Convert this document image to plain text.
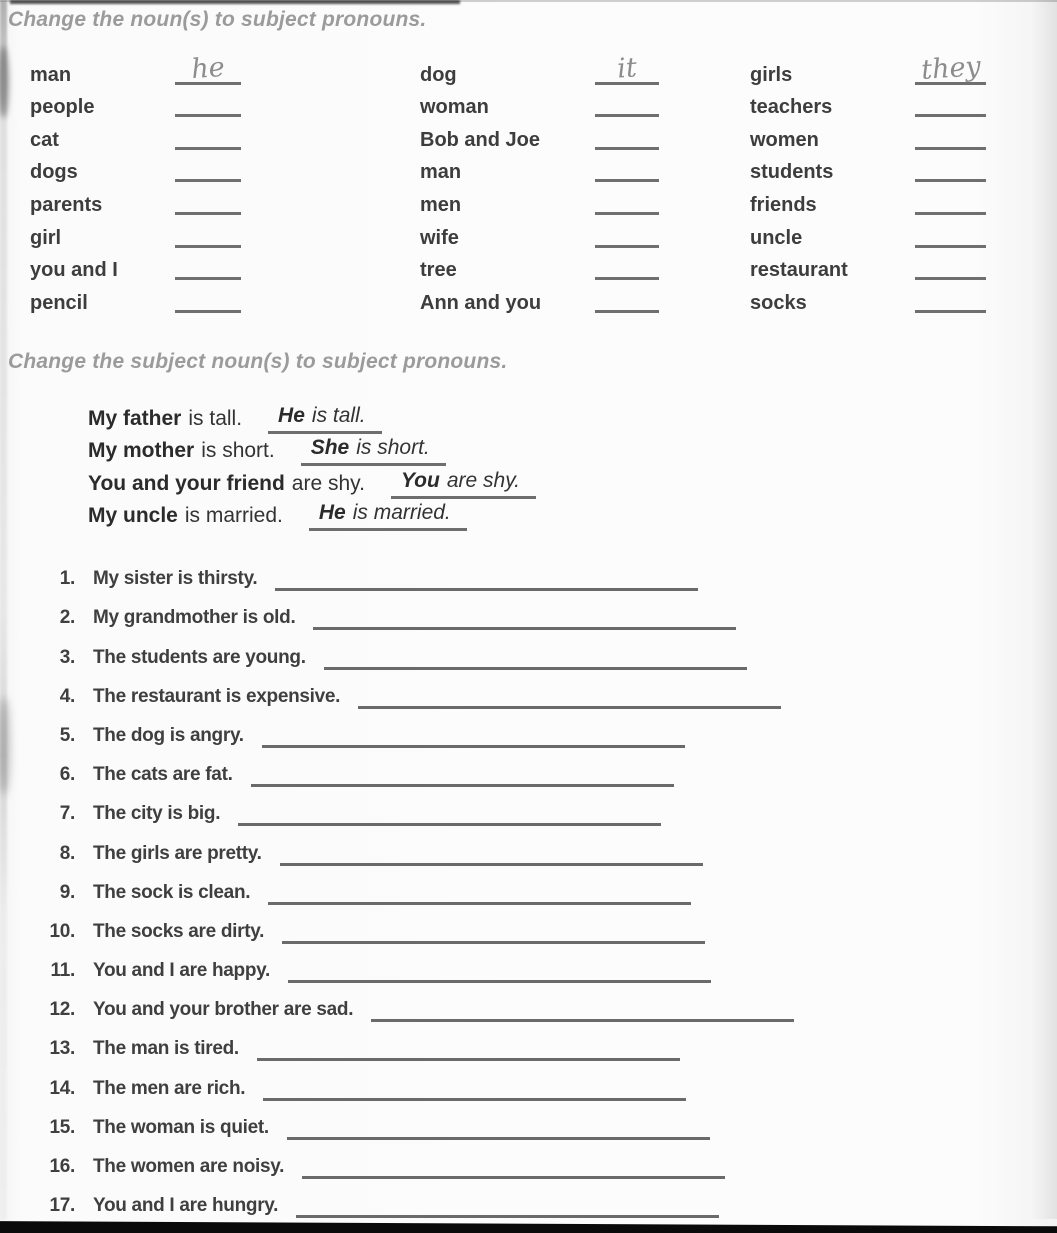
Change the noun(s) to subject pronouns.
man	he
people
cat
dogs
parents
girl
you and I
pencil
dog	it
woman
Bob and Joe
man
men
wife
tree
Ann and you
girls	they
teachers
women
students
friends
uncle
restaurant
socks
Change the subject noun(s) to subject pronouns.
My father is tall. He is tall.
My mother is short. She is short.
You and your friend are shy. You are shy.
My uncle is married. He is married.
1. My sister is thirsty.
2. My grandmother is old.
3. The students are young.
4. The restaurant is expensive.
5. The dog is angry.
6. The cats are fat.
7. The city is big.
8. The girls are pretty.
9. The sock is clean.
10. The socks are dirty.
11. You and I are happy.
12. You and your brother are sad.
13. The man is tired.
14. The men are rich.
15. The woman is quiet.
16. The women are noisy.
17. You and I are hungry.
